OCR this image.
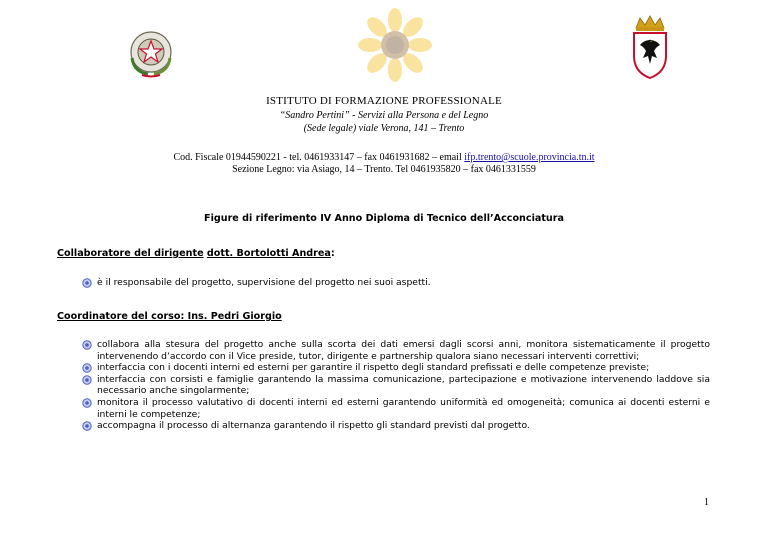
ISTITUTO DI FORMAZIONE PROFESSIONALE
“Sandro Pertini” - Servizi alla Persona e del Legno
(Sede legale) viale Verona, 141 – Trento
Cod. Fiscale 01944590221 - tel. 0461933147 – fax 0461931682 – email ifp.trento@scuole.provincia.tn.it
Sezione Legno: via Asiago, 14 – Trento. Tel 0461935820 – fax 0461331559
Figure di riferimento IV Anno Diploma di Tecnico dell’Acconciatura
Collaboratore del dirigente dott. Bortolotti Andrea:
è il responsabile del progetto, supervisione del progetto nei suoi aspetti.
Coordinatore del corso: Ins. Pedri Giorgio
collabora alla stesura del progetto anche sulla scorta dei dati emersi dagli scorsi anni, monitora sistematicamente il progetto intervenendo d’accordo con il Vice preside, tutor, dirigente e partnership qualora siano necessari interventi correttivi;
interfaccia con i docenti interni ed esterni per garantire il rispetto degli standard prefissati e delle competenze previste;
interfaccia con corsisti e famiglie garantendo la massima comunicazione, partecipazione e motivazione intervenendo laddove sia necessario anche singolarmente;
monitora il processo valutativo di docenti interni ed esterni garantendo uniformità ed omogeneità; comunica ai docenti esterni e interni le competenze;
accompagna il processo di alternanza garantendo il rispetto gli standard previsti dal progetto.
1
